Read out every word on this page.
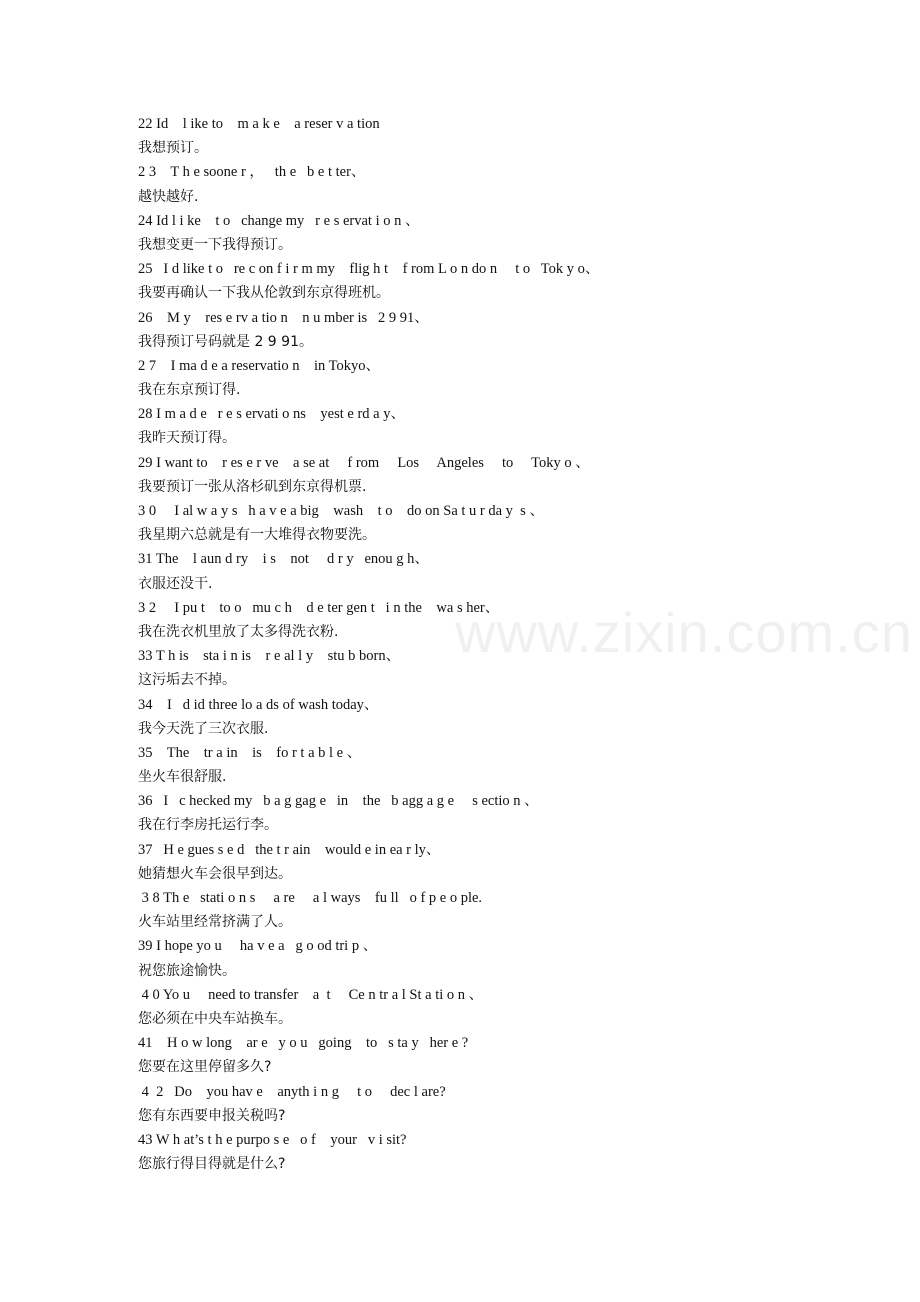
www.zixin.com.cn
22 Id    l ike to    m a k e    a reser v a tion
我想预订。
2 3    T h e soone r ，   th e   b e t ter、
越快越好.
24 Id l i ke    t o   change my   r e s ervat i o n 、
我想变更一下我得预订。
25   I d like t o   re c on f i r m my    flig h t    f rom L o n do n     t o   Tok y o、
我要再确认一下我从伦敦到东京得班机。
26    M y    res e rv a tio n    n u mber is   2 9 91、
我得预订号码就是 2 9 91。
2 7    I ma d e a reservatio n    in Tokyo、
我在东京预订得.
28 I m a d e   r e s ervati o ns    yest e rd a y、
我昨天预订得。
29 I want to    r es e r ve    a se at     f rom     Los     Angeles     to     Toky o 、
我要预订一张从洛杉矶到东京得机票.
3 0     I al w a y s   h a v e a big    wash    t o    do on Sa t u r da y  s 、
我星期六总就是有一大堆得衣物要洗。
31 The    l aun d ry    i s    not     d r y   enou g h、
衣服还没干.
3 2     I pu t    to o   mu c h    d e ter gen t   i n the    wa s her、
我在洗衣机里放了太多得洗衣粉.
33 T h is    sta i n is    r e al l y    stu b born、
这污垢去不掉。
34    I   d id three lo a ds of wash today、
我今天洗了三次衣服.
35    The    tr a in    is    fo r t a b l e 、
坐火车很舒服.
36   I   c hecked my   b a g gag e   in    the   b agg a g e     s ectio n 、
我在行李房托运行李。
37   H e gues s e d   the t r ain    would e in ea r ly、
她猜想火车会很早到达。
3 8 Th e   stati o n s     a re     a l ways    fu ll   o f p e o ple.
火车站里经常挤满了人。
39 I hope yo u     ha v e a   g o od tri p 、
祝您旅途愉快。
4 0 Yo u     need to transfer    a  t     Ce n tr a l St a ti o n 、
您必须在中央车站换车。
41    H o w long    ar e   y o u   going    to   s ta y   her e ?
您要在这里停留多久?
4  2   Do    you hav e    anyth i n g     t o     dec l are?
您有东西要申报关税吗?
43 W h at’s t h e purpo s e   o f    your   v i sit?
您旅行得目得就是什么?
